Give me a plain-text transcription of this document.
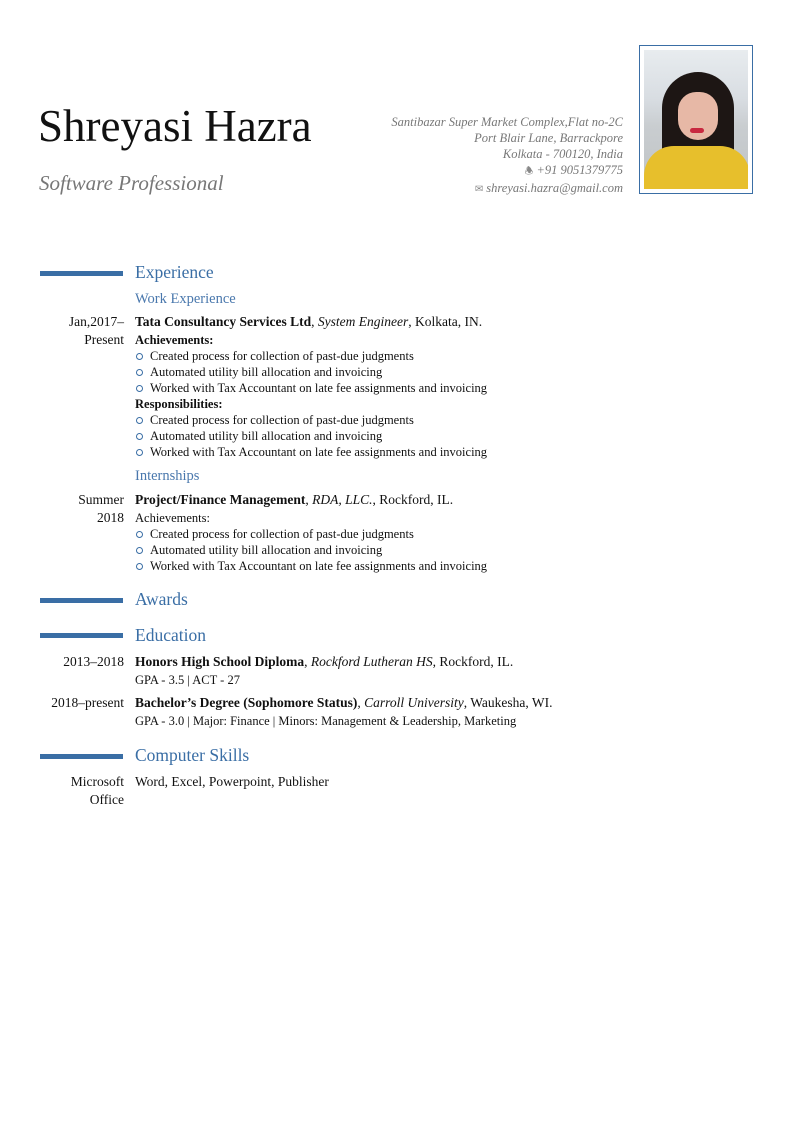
Shreyasi Hazra
Software Professional
Santibazar Super Market Complex,Flat no-2C
Port Blair Lane, Barrackpore
Kolkata - 700120, India
🕭 +91 9051379775
✉ shreyasi.hazra@gmail.com
Experience
Work Experience
Jan,2017–
Present
Tata Consultancy Services Ltd, System Engineer, Kolkata, IN.
Achievements:
Created process for collection of past-due judgments
Automated utility bill allocation and invoicing
Worked with Tax Accountant on late fee assignments and invoicing
Responsibilities:
Created process for collection of past-due judgments
Automated utility bill allocation and invoicing
Worked with Tax Accountant on late fee assignments and invoicing
Internships
Summer
2018
Project/Finance Management, RDA, LLC., Rockford, IL.
Achievements:
Created process for collection of past-due judgments
Automated utility bill allocation and invoicing
Worked with Tax Accountant on late fee assignments and invoicing
Awards
Education
2013–2018 Honors High School Diploma, Rockford Lutheran HS, Rockford, IL.
GPA - 3.5 | ACT - 27
2018–present Bachelor’s Degree (Sophomore Status), Carroll University, Waukesha, WI.
GPA - 3.0 | Major: Finance | Minors: Management & Leadership, Marketing
Computer Skills
Microsoft
Office
Word, Excel, Powerpoint, Publisher
